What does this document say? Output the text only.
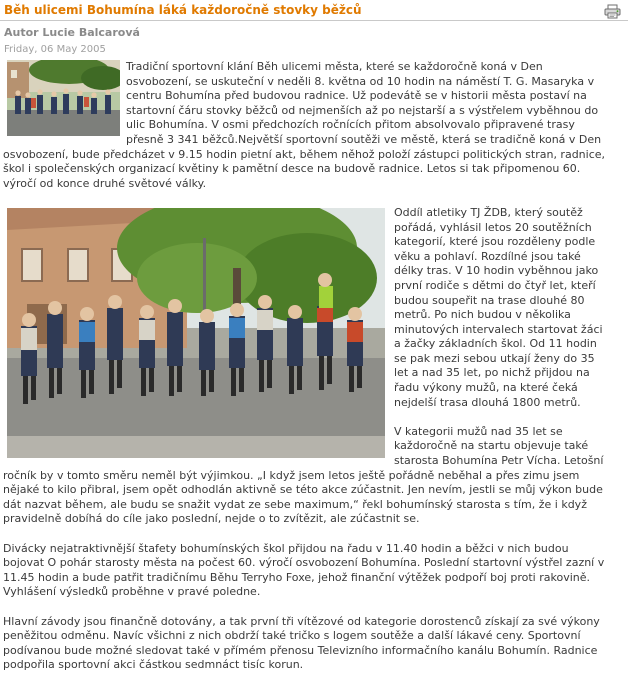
Běh ulicemi Bohumína láká každoročně stovky běžců
Autor Lucie Balcarová
Friday, 06 May 2005

Tradiční sportovní klání Běh ulicemi města, které se každoročně koná v Den osvobození, se uskuteční v neděli 8. května od 10 hodin na náměstí T. G. Masaryka v centru Bohumína před budovou radnice. Už podevátě se v historii města postaví na startovní čáru stovky běžců od nejmenších až po nejstarší a s výstřelem vyběhnou do ulic Bohumína. V osmi předchozích ročnících přitom absolvovalo připravené trasy přesně 3 341 běžců.Největší sportovní soutěži ve městě, která se tradičně koná v Den osvobození, bude předcházet v 9.15 hodin pietní akt, během něhož položí zástupci politických stran, radnice, škol i společenských organizací květiny k pamětní desce na budově radnice. Letos si tak připomenou 60. výročí od konce druhé světové války.

Oddíl atletiky TJ ŽDB, který soutěž pořádá, vyhlásil letos 20 soutěžních kategorií, které jsou rozděleny podle věku a pohlaví. Rozdílné jsou také délky tras. V 10 hodin vyběhnou jako první rodiče s dětmi do čtyř let, kteří budou soupeřit na trase dlouhé 80 metrů. Po nich budou v několika minutových intervalech startovat žáci a žačky základních škol. Od 11 hodin se pak mezi sebou utkají ženy do 35 let a nad 35 let, po nichž přijdou na řadu výkony mužů, na které čeká nejdelší trasa dlouhá 1800 metrů.

V kategorii mužů nad 35 let se každoročně na startu objevuje také starosta Bohumína Petr Vícha. Letošní ročník by v tomto směru neměl být výjimkou. „I když jsem letos ještě pořádně neběhal a přes zimu jsem nějaké to kilo přibral, jsem opět odhodlán aktivně se této akce zúčastnit. Jen nevím, jestli se můj výkon bude dát nazvat během, ale budu se snažit vydat ze sebe maximum,“ řekl bohumínský starosta s tím, že i když pravidelně dobíhá do cíle jako poslední, nejde o to zvítězit, ale zúčastnit se.

Divácky nejatraktivnější štafety bohumínských škol přijdou na řadu v 11.40 hodin a běžci v nich budou bojovat O pohár starosty města na počest 60. výročí osvobození Bohumína. Poslední startovní výstřel zazní v 11.45 hodin a bude patřit tradičnímu Běhu Terryho Foxe, jehož finanční výtěžek podpoří boj proti rakovině. Vyhlášení výsledků proběhne v pravé poledne.

Hlavní závody jsou finančně dotovány, a tak první tři vítězové od kategorie dorostenců získají za své výkony peněžitou odměnu. Navíc všichni z nich obdrží také tričko s logem soutěže a další lákavé ceny. Sportovní podívanou bude možné sledovat také v přímém přenosu Televizního informačního kanálu Bohumín. Radnice podpořila sportovní akci částkou sedmnáct tisíc korun.
